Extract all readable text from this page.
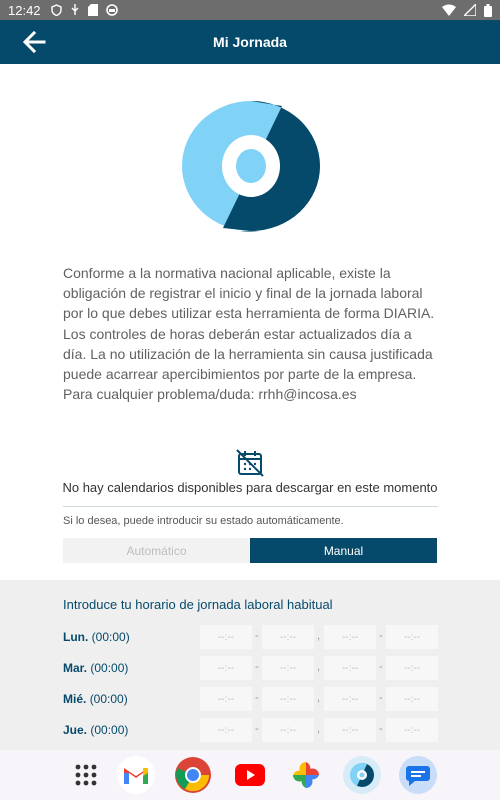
12:42
Mi Jornada

Conforme a la normativa nacional aplicable, existe la obligación de registrar el inicio y final de la jornada laboral por lo que debes utilizar esta herramienta de forma DIARIA. Los controles de horas deberán estar actualizados día a día. La no utilización de la herramienta sin causa justificada puede acarrear apercibimientos por parte de la empresa. Para cualquier problema/duda: rrhh@incosa.es

No hay calendarios disponibles para descargar en este momento
Si lo desea, puede introducir su estado automáticamente.
Automático	Manual
Introduce tu horario de jornada laboral habitual
Lun. (00:00)	--:--	-	--:--	,	--:--	-	--:--
Mar. (00:00)	--:--	-	--:--	,	--:--	-	--:--
Mié. (00:00)	--:--	-	--:--	,	--:--	-	--:--
Jue. (00:00)	--:--	-	--:--	,	--:--	-	--:--
